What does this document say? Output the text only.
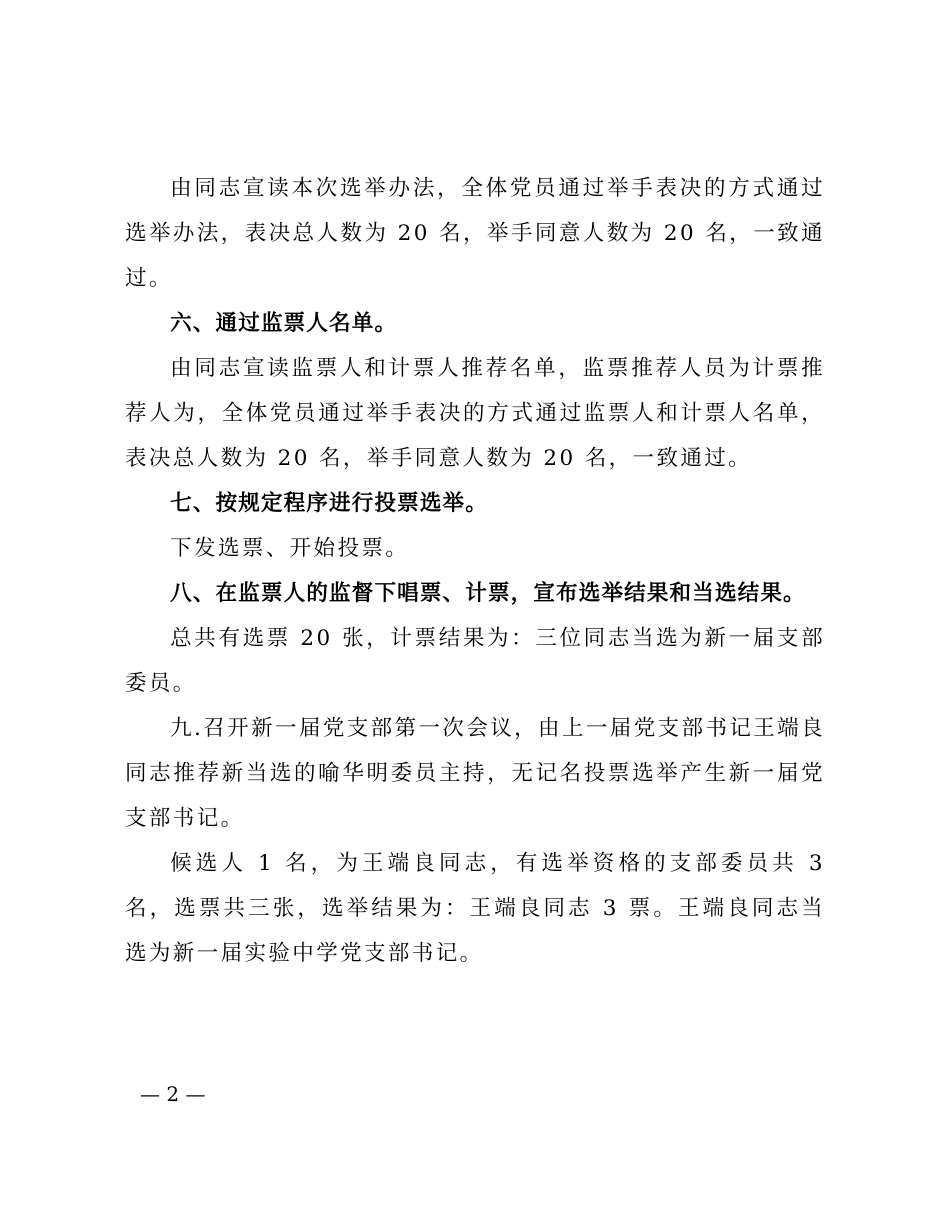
由同志宣读本次选举办法，全体党员通过举手表决的方式通过选举办法，表决总人数为 20 名，举手同意人数为 20 名，一致通过。

六、通过监票人名单。

由同志宣读监票人和计票人推荐名单，监票推荐人员为计票推荐人为，全体党员通过举手表决的方式通过监票人和计票人名单，表决总人数为 20 名，举手同意人数为 20 名，一致通过。

七、按规定程序进行投票选举。

下发选票、开始投票。

八、在监票人的监督下唱票、计票，宣布选举结果和当选结果。

总共有选票 20 张，计票结果为：三位同志当选为新一届支部委员。

九.召开新一届党支部第一次会议，由上一届党支部书记王端良同志推荐新当选的喻华明委员主持，无记名投票选举产生新一届党支部书记。

候选人 1 名，为王端良同志，有选举资格的支部委员共 3 名，选票共三张，选举结果为：王端良同志 3 票。王端良同志当选为新一届实验中学党支部书记。

— 2 —
